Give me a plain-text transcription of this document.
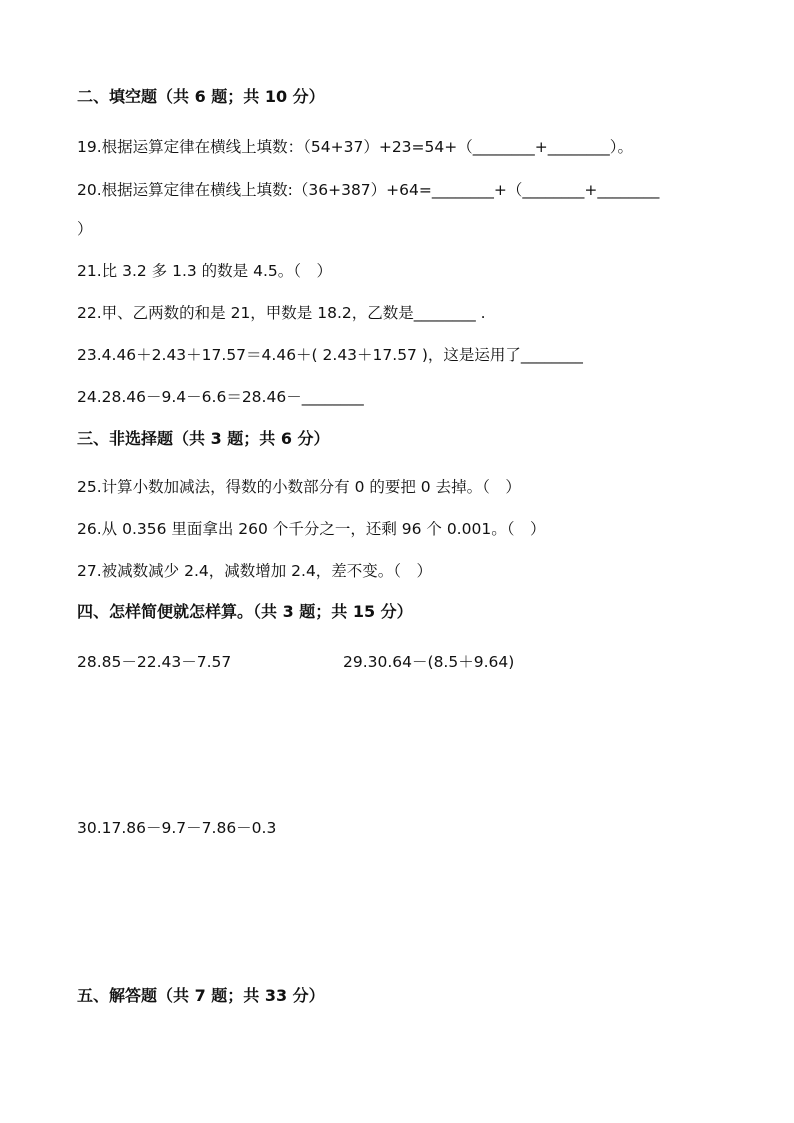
二、填空题（共 6 题；共 10 分）
19.根据运算定律在横线上填数：（54+37）+23=54+（________+________）。
20.根据运算定律在横线上填数:（36+387）+64=________+（________+________
）
21.比 3.2 多 1.3 的数是 4.5。（　）
22.甲、乙两数的和是 21，甲数是 18.2，乙数是________ .
23.4.46＋2.43＋17.57＝4.46＋( 2.43＋17.57 )，这是运用了________
24.28.46－9.4－6.6＝28.46－________
三、非选择题（共 3 题；共 6 分）
25.计算小数加减法，得数的小数部分有 0 的要把 0 去掉。（　）
26.从 0.356 里面拿出 260 个千分之一，还剩 96 个 0.001。（　）
27.被减数减少 2.4，减数增加 2.4，差不变。（　）
四、怎样简便就怎样算。（共 3 题；共 15 分）
28.85－22.43－7.57	29.30.64－(8.5＋9.64)
30.17.86－9.7－7.86－0.3
五、解答题（共 7 题；共 33 分）
